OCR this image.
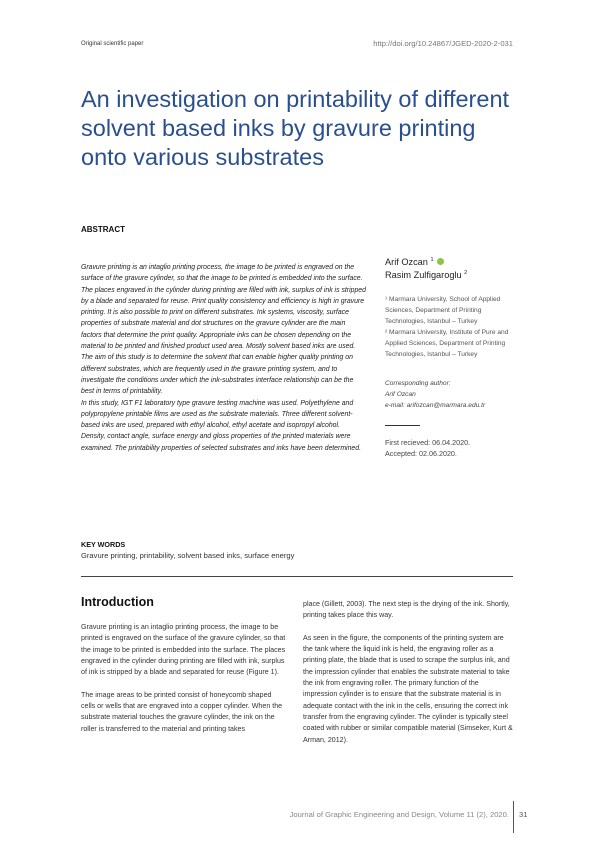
Original scientific paper	http://doi.org/10.24867/JGED-2020-2-031
An investigation on printability of different solvent based inks by gravure printing onto various substrates
ABSTRACT

Gravure printing is an intaglio printing process, the image to be printed is engraved on the surface of the gravure cylinder, so that the image to be printed is embedded into the surface. The places engraved in the cylinder during printing are filled with ink, surplus of ink is stripped by a blade and separated for reuse. Print quality consistency and efficiency is high in gravure printing. It is also possible to print on different substrates. Ink systems, viscosity, surface properties of substrate material and dot structures on the gravure cylinder are the main factors that determine the print quality. Appropriate inks can be chosen depending on the material to be printed and finished product used area. Mostly solvent based inks are used. The aim of this study is to determine the solvent that can enable higher quality printing on different substrates, which are frequently used in the gravure printing system, and to investigate the conditions under which the ink-substrates interface relationship can be the best in terms of printability.

In this study, IGT F1 laboratory type gravure testing machine was used. Polyethylene and polypropylene printable films are used as the substrate materials. Three different solvent-based inks are used, prepared with ethyl alcohol, ethyl acetate and isopropyl alcohol. Density, contact angle, surface energy and gloss properties of the printed materials were examined. The printability properties of selected substrates and inks have been determined.

Arif Ozcan $^1$
Rasim Zulfigaroglu $^2$

¹ Marmara University, School of Applied Sciences, Department of Printing Technologies, Istanbul – Turkey

² Marmara University, Institute of Pure and Applied Sciences, Department of Printing Technologies, Istanbul – Turkey

Corresponding author:
Arif Ozcan
e-mail: arifozcan@marmara.edu.tr
First recieved: 06.04.2020.
Accepted: 02.06.2020.
KEY WORDS
Gravure printing, printability, solvent based inks, surface energy
Introduction

Gravure printing is an intaglio printing process, the image to be printed is engraved on the surface of the gravure cylinder, so that the image to be printed is embedded into the surface. The places engraved in the cylinder during printing are filled with ink, surplus of ink is stripped by a blade and separated for reuse (Figure 1).

The image areas to be printed consist of honeycomb shaped cells or wells that are engraved into a copper cylinder. When the substrate material touches the gravure cylinder, the ink on the roller is transferred to the material and printing takes

place (Gillett, 2003). The next step is the drying of the ink. Shortly, printing takes place this way.

As seen in the figure, the components of the printing system are the tank where the liquid ink is held, the engraving roller as a printing plate, the blade that is used to scrape the surplus ink, and the impression cylinder that enables the substrate material to take the ink from engraving roller. The primary function of the impression cylinder is to ensure that the substrate material is in adequate contact with the ink in the cells, ensuring the correct ink transfer from the engraving cylinder. The cylinder is typically steel coated with rubber or similar compatible material (Simseker, Kurt & Arman, 2012).

Journal of Graphic Engineering and Design, Volume 11 (2), 2020. 31
